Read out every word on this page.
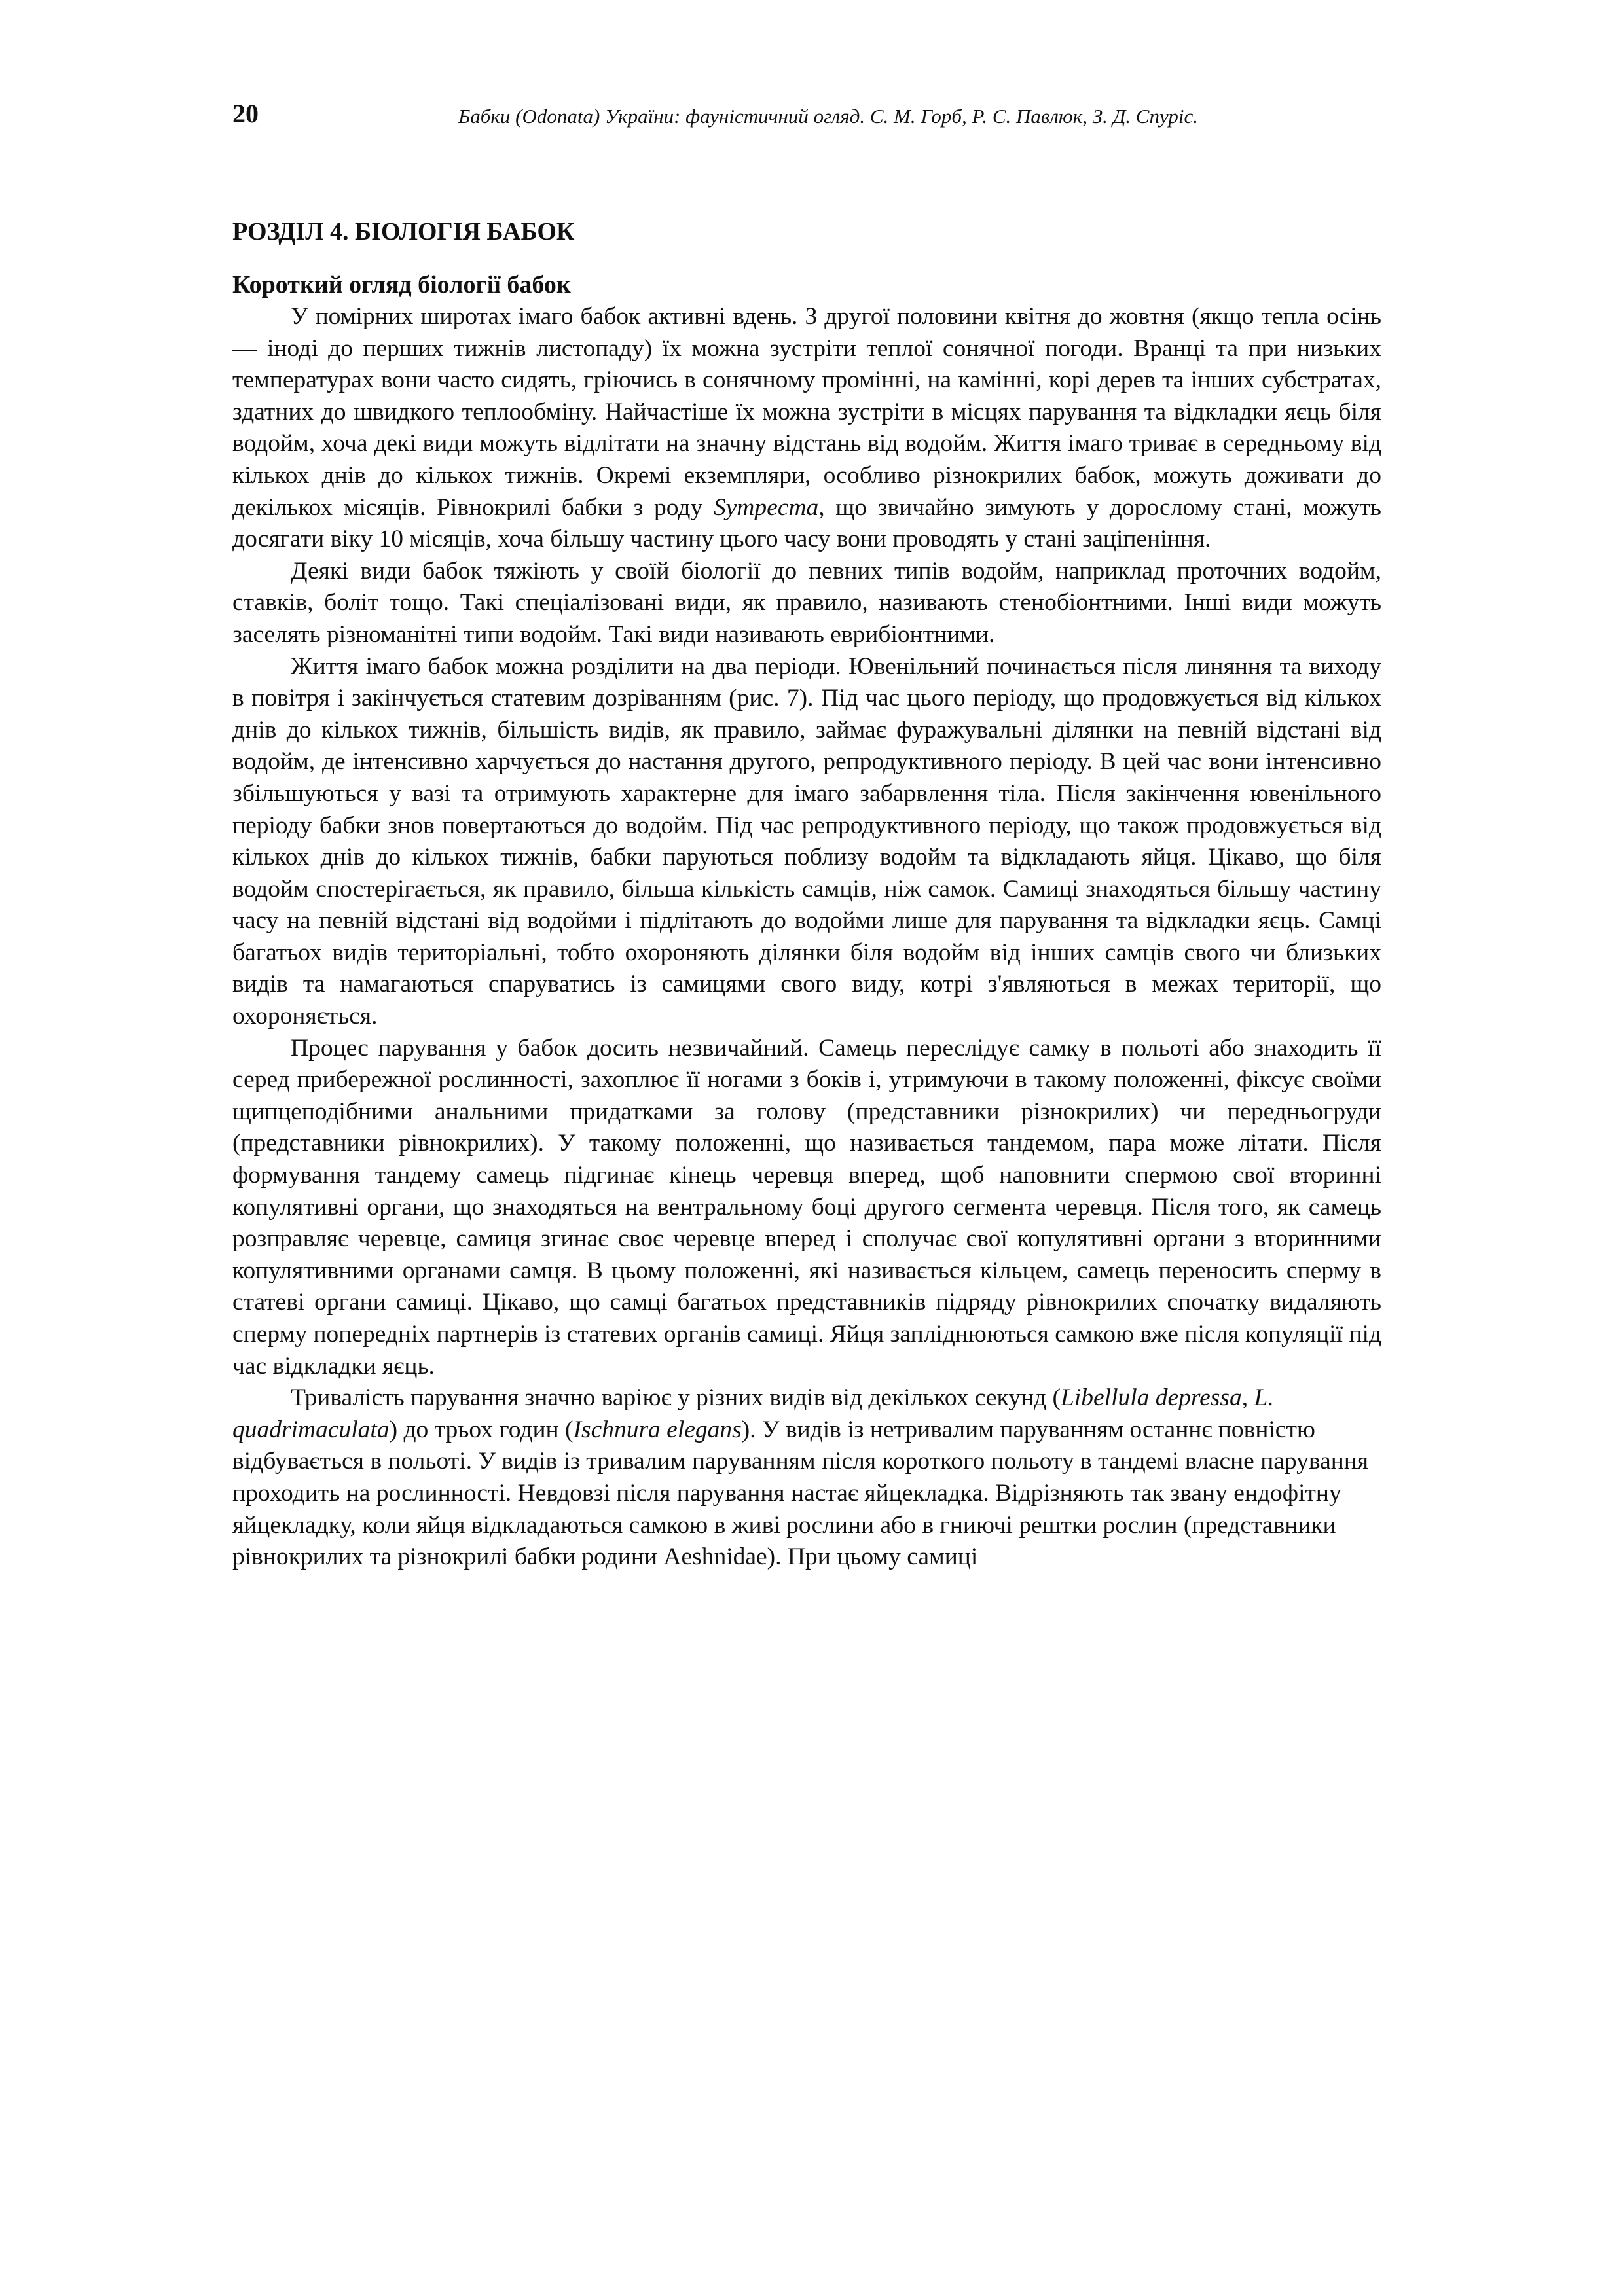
20	Бабки (Odonata) України: фауністичний огляд. С. М. Горб, Р. С. Павлюк, З. Д. Спуріс.
РОЗДІЛ 4. БІОЛОГІЯ БАБОК
Короткий огляд біології бабок

У помірних широтах імаго бабок активні вдень. З другої половини квітня до жовтня (якщо тепла осінь — іноді до перших тижнів листопаду) їх можна зустріти теплої сонячної погоди. Вранці та при низьких температурах вони часто сидять, гріючись в сонячному промінні, на камінні, корі дерев та інших субстратах, здатних до швидкого теплообміну. Найчастіше їх можна зустріти в місцях парування та відкладки яєць біля водойм, хоча декі види можуть відлітати на значну відстань від водойм. Життя імаго триває в середньому від кількох днів до кількох тижнів. Окремі екземпляри, особливо різнокрилих бабок, можуть доживати до декількох місяців. Рівнокрилі бабки з роду Sympecma, що звичайно зимують у дорослому стані, можуть досягати віку 10 місяців, хоча більшу частину цього часу вони проводять у стані заціпеніння.

Деякі види бабок тяжіють у своїй біології до певних типів водойм, наприклад проточних водойм, ставків, боліт тощо. Такі спеціалізовані види, як правило, називають стенобіонтними. Інші види можуть заселять різноманітні типи водойм. Такі види називають еврибіонтними.

Життя імаго бабок можна розділити на два періоди. Ювенільний починається після линяння та виходу в повітря і закінчується статевим дозріванням (рис. 7). Під час цього періоду, що продовжується від кількох днів до кількох тижнів, більшість видів, як правило, займає фуражувальні ділянки на певній відстані від водойм, де інтенсивно харчується до настання другого, репродуктивного періоду. В цей час вони інтенсивно збільшуються у вазі та отримують характерне для імаго забарвлення тіла. Після закінчення ювенільного періоду бабки знов повертаються до водойм. Під час репродуктивного періоду, що також продовжується від кількох днів до кількох тижнів, бабки паруються поблизу водойм та відкладають яйця. Цікаво, що біля водойм спостерігається, як правило, більша кількість самців, ніж самок. Самиці знаходяться більшу частину часу на певній відстані від водойми і підлітають до водойми лише для парування та відкладки яєць. Самці багатьох видів територіальні, тобто охороняють ділянки біля водойм від інших самців свого чи близьких видів та намагаються спаруватись із самицями свого виду, котрі з'являються в межах території, що охороняється.

Процес парування у бабок досить незвичайний. Самець переслідує самку в польоті або знаходить її серед прибережної рослинності, захоплює її ногами з боків і, утримуючи в такому положенні, фіксує своїми щипцеподібними анальними придатками за голову (представники різнокрилих) чи передньогруди (представники рівнокрилих). У такому положенні, що називається тандемом, пара може літати. Після формування тандему самець підгинає кінець черевця вперед, щоб наповнити спермою свої вторинні копулятивні органи, що знаходяться на вентральному боці другого сегмента черевця. Після того, як самець розправляє черевце, самиця згинає своє черевце вперед і сполучає свої копулятивні органи з вторинними копулятивними органами самця. В цьому положенні, які називається кільцем, самець переносить сперму в статеві органи самиці. Цікаво, що самці багатьох представників підряду рівнокрилих спочатку видаляють сперму попередніх партнерів із статевих органів самиці. Яйця запліднюються самкою вже після копуляції під час відкладки яєць.

Тривалість парування значно варіює у різних видів від декількох секунд (Libellula depressa, L. quadrimaculata) до трьох годин (Ischnura elegans). У видів із нетривалим паруванням останнє повністю відбувається в польоті. У видів із тривалим паруванням після короткого польоту в тандемі власне парування проходить на рослинності. Невдовзі після парування настає яйцекладка. Відрізняють так звану ендофітну яйцекладку, коли яйця відкладаються самкою в живі рослини або в гниючі рештки рослин (представники рівнокрилих та різнокрилі бабки родини Aeshnidae). При цьому самиці
